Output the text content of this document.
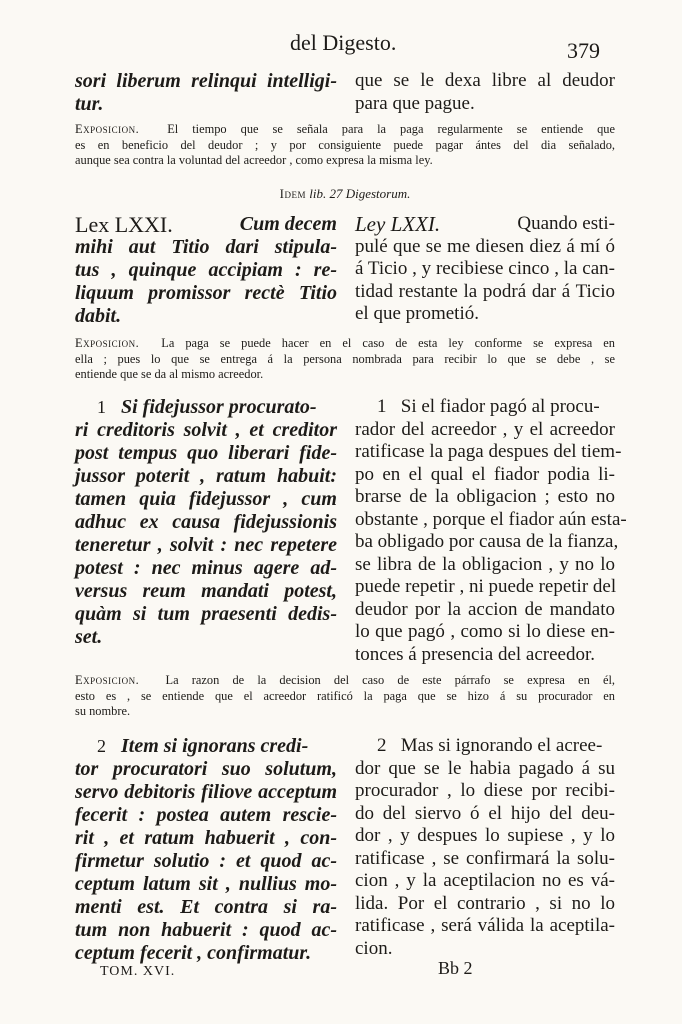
del Digesto.	379
sori liberum relinqui intelligi-
tur.
que se le dexa libre al deudor
para que pague.
Exposicion. El tiempo que se señala para la paga regularmente se entiende que
es en beneficio del deudor ; y por consiguiente puede pagar ántes del dia señalado,
aunque sea contra la voluntad del acreedor , como expresa la misma ley.
Idem lib. 27 Digestorum.
Lex LXXI.	Cum decem
mihi aut Titio dari stipula-
tus , quinque accipiam : re-
liquum promissor rectè Titio
dabit.
Ley LXXI.	Quando esti-
pulé que se me diesen diez á mí ó
á Ticio , y recibiese cinco , la can-
tidad restante la podrá dar á Ticio
el que prometió.
Exposicion. La paga se puede hacer en el caso de esta ley conforme se expresa en
ella ; pues lo que se entrega á la persona nombrada para recibir lo que se debe , se
entiende que se da al mismo acreedor.
1 Si fidejussor procurato-
ri creditoris solvit , et creditor
post tempus quo liberari fide-
jussor poterit , ratum habuit:
tamen quia fidejussor , cum
adhuc ex causa fidejussionis
teneretur , solvit : nec repetere
potest : nec minus agere ad-
versus reum mandati potest,
quàm si tum praesenti dedis-
set.
1 Si el fiador pagó al procu-
rador del acreedor , y el acreedor
ratificase la paga despues del tiem-
po en el qual el fiador podia li-
brarse de la obligacion ; esto no
obstante , porque el fiador aún esta-
ba obligado por causa de la fianza,
se libra de la obligacion , y no lo
puede repetir , ni puede repetir del
deudor por la accion de mandato
lo que pagó , como si lo diese en-
tonces á presencia del acreedor.
Exposicion. La razon de la decision del caso de este párrafo se expresa en él,
esto es , se entiende que el acreedor ratificó la paga que se hizo á su procurador en
su nombre.
2 Item si ignorans credi-
tor procuratori suo solutum,
servo debitoris filiove acceptum
fecerit : postea autem rescie-
rit , et ratum habuerit , con-
firmetur solutio : et quod ac-
ceptum latum sit , nullius mo-
menti est. Et contra si ra-
tum non habuerit : quod ac-
ceptum fecerit , confirmatur.
2 Mas si ignorando el acree-
dor que se le habia pagado á su
procurador , lo diese por recibi-
do del siervo ó el hijo del deu-
dor , y despues lo supiese , y lo
ratificase , se confirmará la solu-
cion , y la aceptilacion no es vá-
lida. Por el contrario , si no lo
ratificase , será válida la aceptila-
cion.
TOM. XVI.	Bb 2
